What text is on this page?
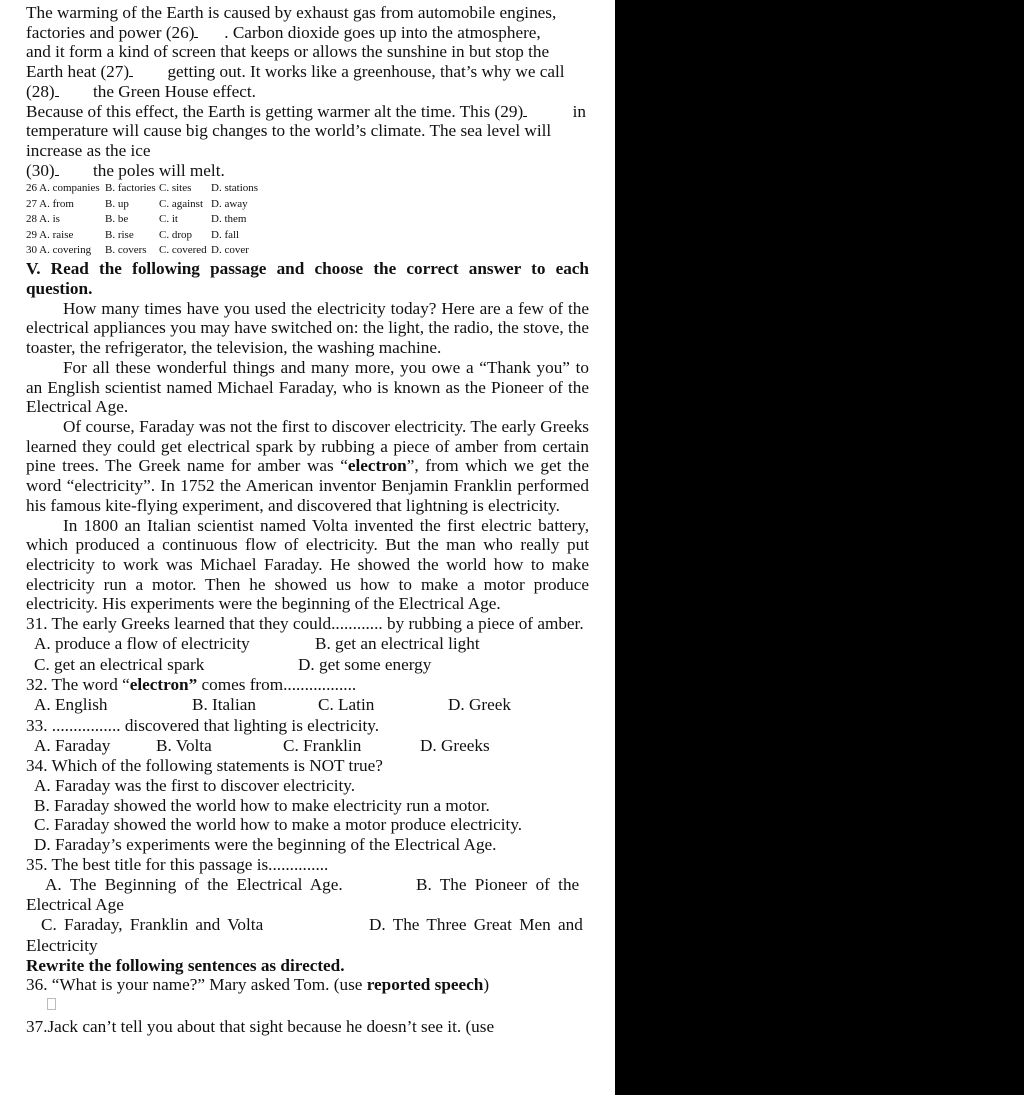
The warming of the Earth is caused by exhaust gas from automobile engines,

factories and power (26) . Carbon dioxide goes up into the atmosphere,

and it form a kind of screen that keeps or allows the sunshine in but stop the

Earth heat (27) getting out. It works like a greenhouse, that’s why we call

(28) the Green House effect.

Because of this effect, the Earth is getting warmer alt the time. This (29)	in

temperature will cause big changes to the world’s climate. The sea level will

increase as the ice

(30) the poles will melt.

26 A. companies	B. factories	C. sites	D. stations
27 A. from	B. up	C. against	D. away
28 A. is	B. be	C. it	D. them
29 A. raise	B. rise	C. drop	D. fall
30 A. covering	B. covers	C. covered	D. cover

V. Read the following passage and choose the correct answer to each question.

How many times have you used the electricity today? Here are a few of the electrical appliances you may have switched on: the light, the radio, the stove, the toaster, the refrigerator, the television, the washing machine.

For all these wonderful things and many more, you owe a “Thank you” to an English scientist named Michael Faraday, who is known as the Pioneer of the Electrical Age.

Of course, Faraday was not the first to discover electricity. The early Greeks learned they could get electrical spark by rubbing a piece of amber from certain pine trees. The Greek name for amber was “electron”, from which we get the word “electricity”. In 1752 the American inventor Benjamin Franklin performed his famous kite-flying experiment, and discovered that lightning is electricity.

In 1800 an Italian scientist named Volta invented the first electric battery, which produced a continuous flow of electricity. But the man who really put electricity to work was Michael Faraday. He showed the world how to make electricity run a motor. Then he showed us how to make a motor produce electricity. His experiments were the beginning of the Electrical Age.

31. The early Greeks learned that they could............ by rubbing a piece of amber.

A. produce a flow of electricity	B. get an electrical light
C. get an electrical spark	D. get some energy

32. The word “electron” comes from.................

A. English	B. Italian	C. Latin	D. Greek

33. ................ discovered that lighting is electricity.

A. Faraday	B. Volta	C. Franklin	D. Greeks

34. Which of the following statements is NOT true?

A. Faraday was the first to discover electricity.

B. Faraday showed the world how to make electricity run a motor.

C. Faraday showed the world how to make a motor produce electricity.

D. Faraday’s experiments were the beginning of the Electrical Age.

35. The best title for this passage is..............

A. The Beginning of the Electrical Age.	B. The Pioneer of the

Electrical Age

C. Faraday, Franklin and Volta	D. The Three Great Men and

Electricity

Rewrite the following sentences as directed.

36. “What is your name?” Mary asked Tom. (use reported speech)

37.Jack can’t tell you about that sight because he doesn’t see it. (use
